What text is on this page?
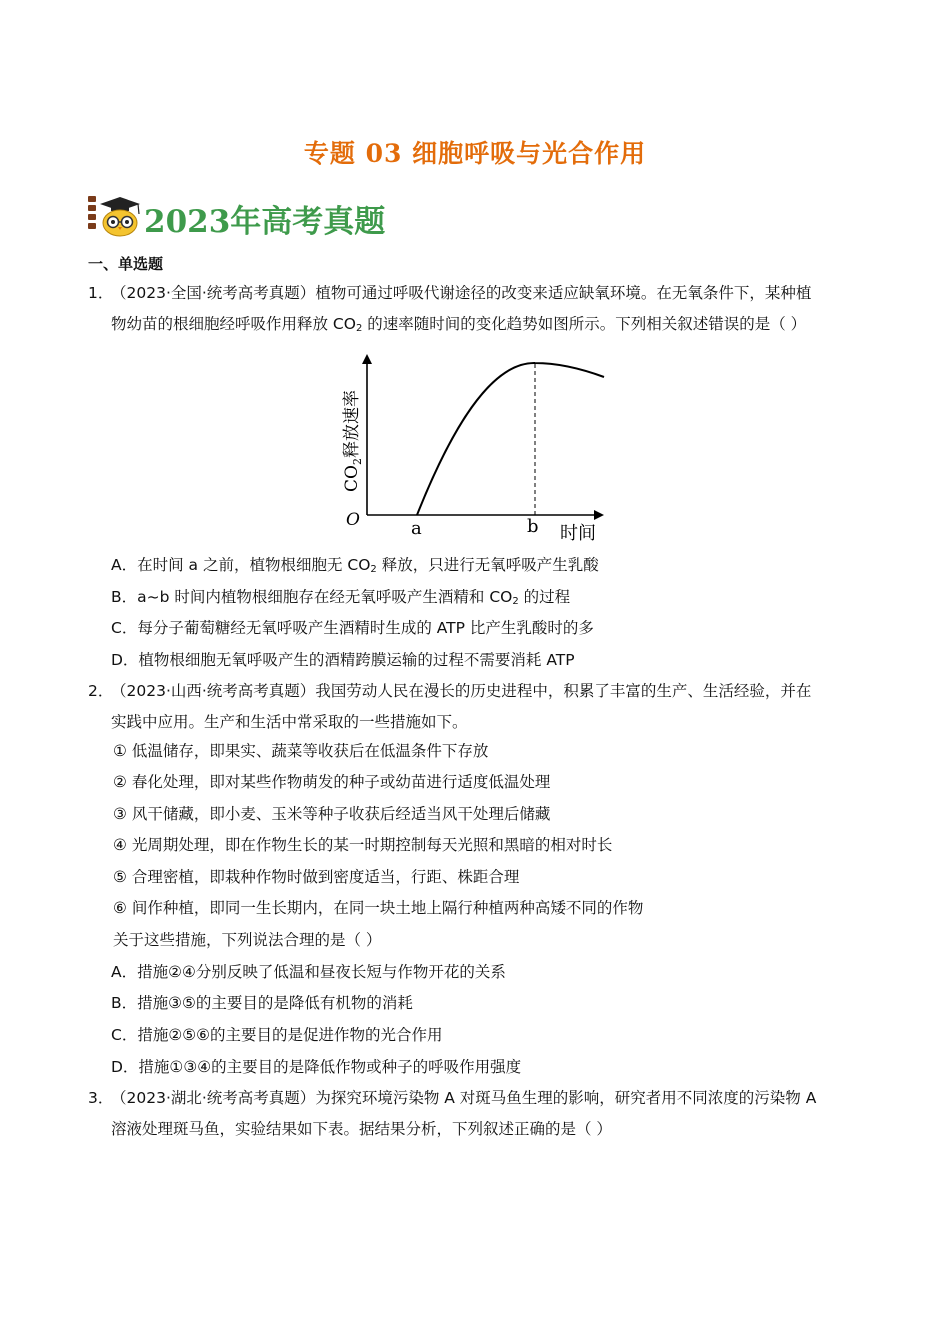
专题 03 细胞呼吸与光合作用
2023年高考真题
一、单选题
1．
（2023·全国·统考高考真题）植物可通过呼吸代谢途径的改变来适应缺氧环境。在无氧条件下，某种植
物幼苗的根细胞经呼吸作用释放 $CO_2$ 的速率随时间的变化趋势如图所示。下列相关叙述错误的是（ ）
O	a	b 时间
$CO_2$释放速率
A．在时间 a 之前，植物根细胞无 $CO_2$ 释放，只进行无氧呼吸产生乳酸
B．a~b 时间内植物根细胞存在经无氧呼吸产生酒精和 $CO_2$ 的过程
C．每分子葡萄糖经无氧呼吸产生酒精时生成的 ATP 比产生乳酸时的多
D．植物根细胞无氧呼吸产生的酒精跨膜运输的过程不需要消耗 ATP
2．
（2023·山西·统考高考真题）我国劳动人民在漫长的历史进程中，积累了丰富的生产、生活经验，并在
实践中应用。生产和生活中常采取的一些措施如下。
① 低温储存，即果实、蔬菜等收获后在低温条件下存放
② 春化处理，即对某些作物萌发的种子或幼苗进行适度低温处理
③ 风干储藏，即小麦、玉米等种子收获后经适当风干处理后储藏
④ 光周期处理，即在作物生长的某一时期控制每天光照和黑暗的相对时长
⑤ 合理密植，即栽种作物时做到密度适当，行距、株距合理
⑥ 间作种植，即同一生长期内，在同一块土地上隔行种植两种高矮不同的作物
关于这些措施，下列说法合理的是（ ）
A．措施②④分别反映了低温和昼夜长短与作物开花的关系
B．措施③⑤的主要目的是降低有机物的消耗
C．措施②⑤⑥的主要目的是促进作物的光合作用
D．措施①③④的主要目的是降低作物或种子的呼吸作用强度
3．
（2023·湖北·统考高考真题）为探究环境污染物 A 对斑马鱼生理的影响，研究者用不同浓度的污染物 A
溶液处理斑马鱼，实验结果如下表。据结果分析，下列叙述正确的是（ ）
